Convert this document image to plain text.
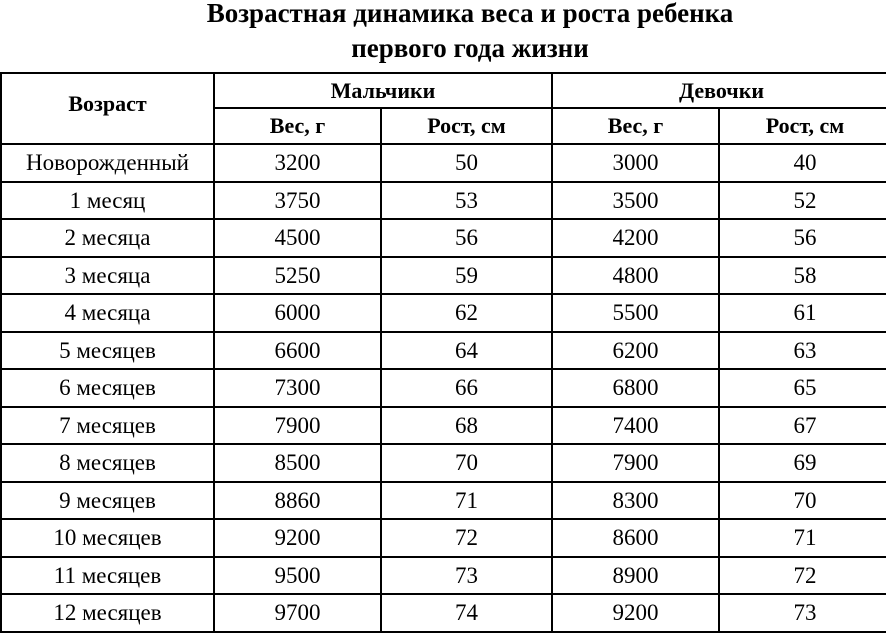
Возрастная динамика веса и роста ребенка
первого года жизни
Возраст	Мальчики		Девочки	
	Вес, г	Рост, см	Вес, г	Рост, см
Новорожденный	3200	50	3000	40
1 месяц	3750	53	3500	52
2 месяца	4500	56	4200	56
3 месяца	5250	59	4800	58
4 месяца	6000	62	5500	61
5 месяцев	6600	64	6200	63
6 месяцев	7300	66	6800	65
7 месяцев	7900	68	7400	67
8 месяцев	8500	70	7900	69
9 месяцев	8860	71	8300	70
10 месяцев	9200	72	8600	71
11 месяцев	9500	73	8900	72
12 месяцев	9700	74	9200	73
